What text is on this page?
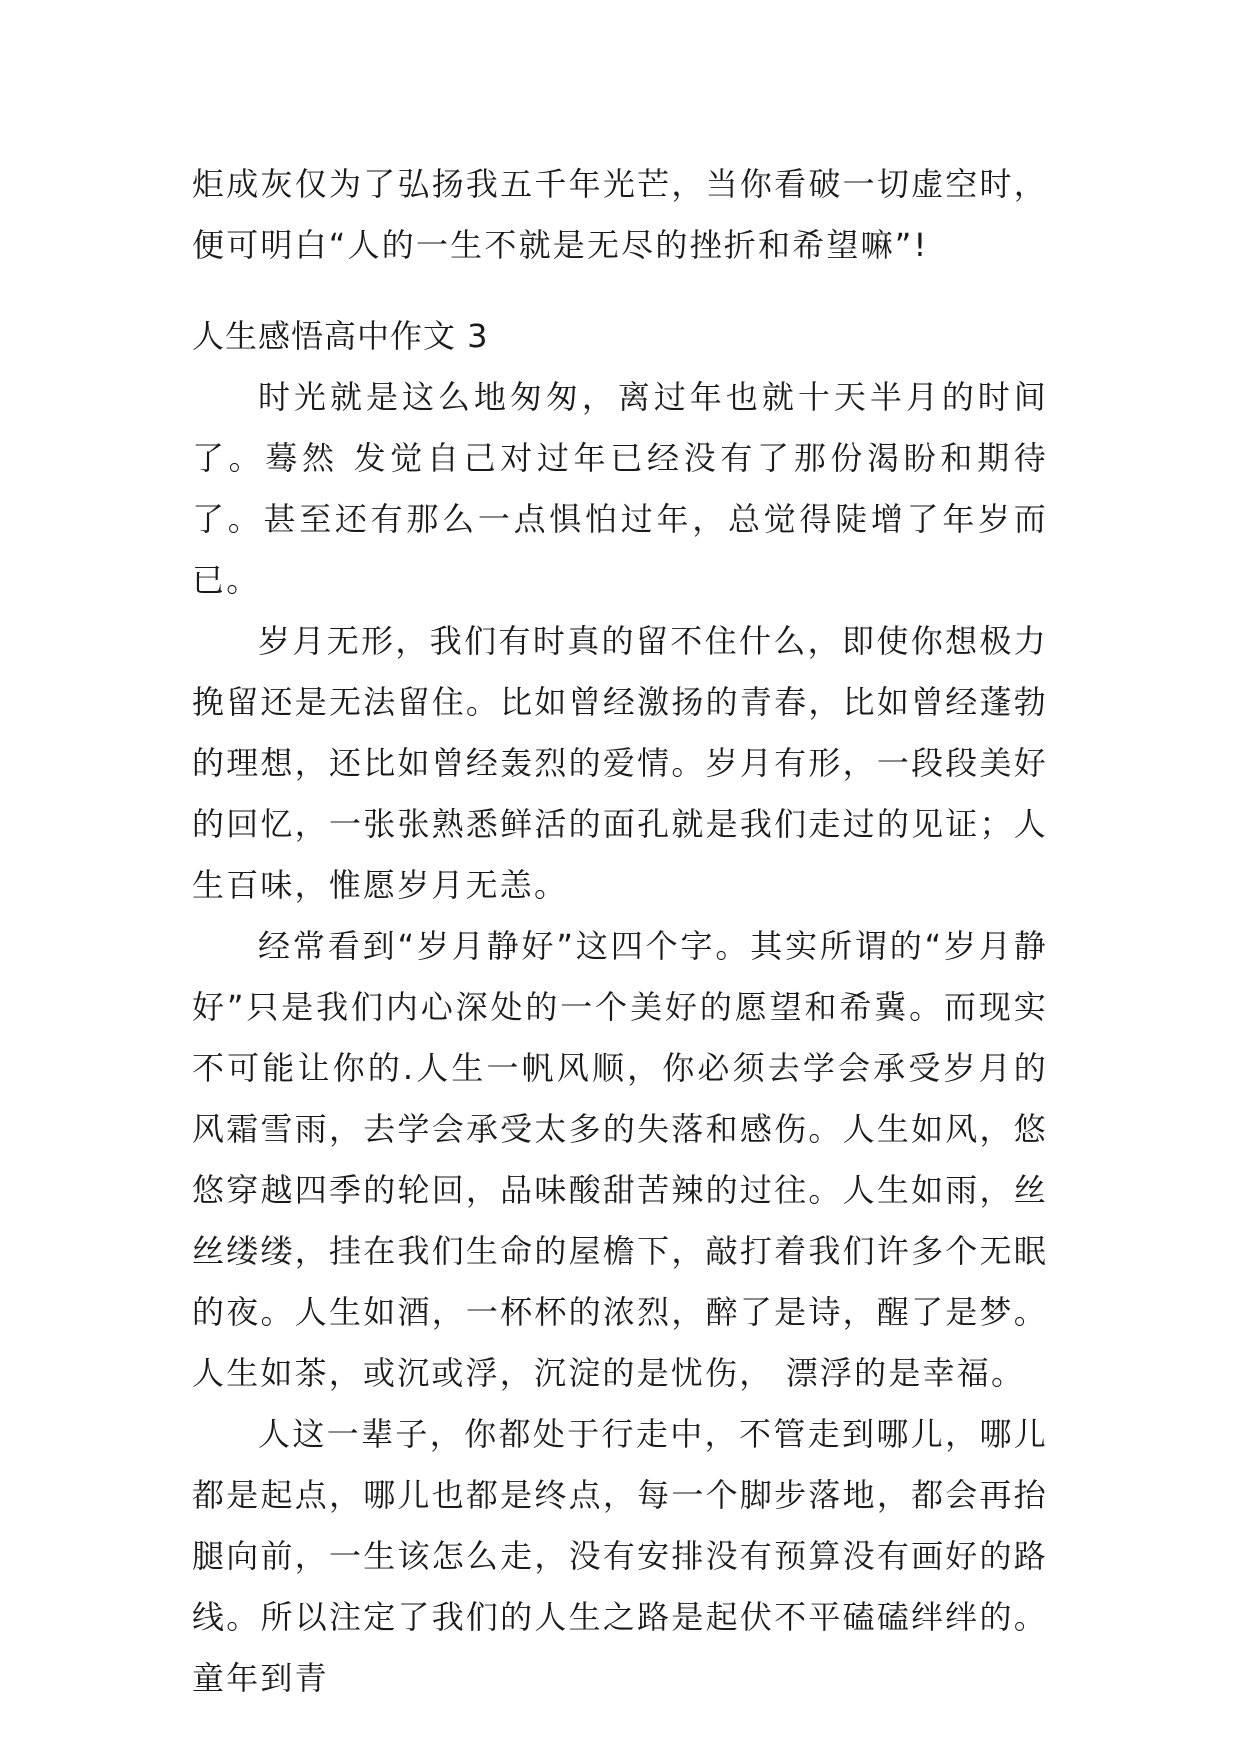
炬成灰仅为了弘扬我五千年光芒，当你看破一切虚空时，便可明白“人的一生不就是无尽的挫折和希望嘛”!

人生感悟高中作文 3

时光就是这么地匆匆，离过年也就十天半月的时间了。蓦然 发觉自己对过年已经没有了那份渴盼和期待了。甚至还有那么一点惧怕过年，总觉得陡增了年岁而已。

岁月无形，我们有时真的留不住什么，即使你想极力挽留还是无法留住。比如曾经激扬的青春，比如曾经蓬勃的理想，还比如曾经轰烈的爱情。岁月有形，一段段美好的回忆，一张张熟悉鲜活的面孔就是我们走过的见证；人生百味，惟愿岁月无恙。

经常看到“岁月静好”这四个字。其实所谓的“岁月静好”只是我们内心深处的一个美好的愿望和希冀。而现实不可能让你的.人生一帆风顺，你必须去学会承受岁月的风霜雪雨，去学会承受太多的失落和感伤。人生如风，悠悠穿越四季的轮回，品味酸甜苦辣的过往。人生如雨，丝丝缕缕，挂在我们生命的屋檐下，敲打着我们许多个无眠的夜。人生如酒，一杯杯的浓烈，醉了是诗，醒了是梦。人生如茶，或沉或浮，沉淀的是忧伤， 漂浮的是幸福。

人这一辈子，你都处于行走中，不管走到哪儿，哪儿都是起点，哪儿也都是终点，每一个脚步落地，都会再抬腿向前，一生该怎么走，没有安排没有预算没有画好的路线。所以注定了我们的人生之路是起伏不平磕磕绊绊的。童年到青
